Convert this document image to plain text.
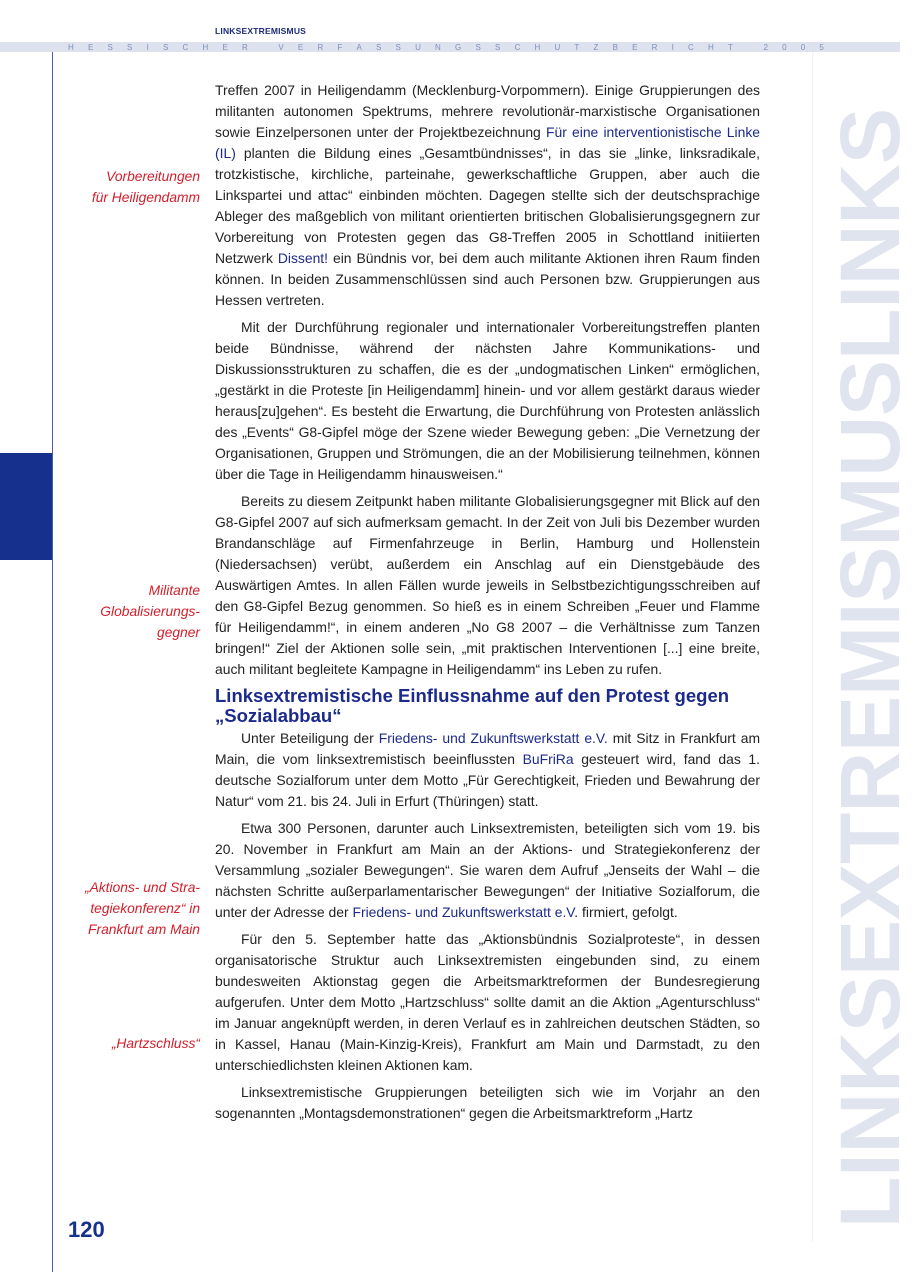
LINKSEXTREMISMUS
H E S S I S C H E R
	V E R F A S S U N G S S C H U T Z B E R I C H T
	2 0 0 5
LINKSEXTREMISMUSLINKS
Vorbereitungen
für Heiligendamm
Militante
Globalisierungs-
gegner
„Aktions- und Stra-
tegiekonferenz“ in
Frankfurt am Main
„Hartzschluss“

Treffen 2007 in Heiligendamm (Mecklenburg-Vorpommern). Einige Gruppierungen des militanten autonomen Spektrums, mehrere revolutionär-marxistische Organisationen sowie Einzelpersonen unter der Projektbezeichnung Für eine interventionistische Linke (IL) planten die Bildung eines „Gesamtbündnisses“, in das sie „linke, linksradikale, trotzkistische, kirchliche, parteinahe, gewerkschaftliche Gruppen, aber auch die Linkspartei und attac“ einbinden möchten. Dagegen stellte sich der deutschsprachige Ableger des maßgeblich von militant orientierten britischen Globalisierungsgegnern zur Vorbereitung von Protesten gegen das G8-Treffen 2005 in Schottland initiierten Netzwerk Dissent! ein Bündnis vor, bei dem auch militante Aktionen ihren Raum finden können. In beiden Zusammenschlüssen sind auch Personen bzw. Gruppierungen aus Hessen vertreten.

Mit der Durchführung regionaler und internationaler Vorbereitungstreffen planten beide Bündnisse, während der nächsten Jahre Kommunikations- und Diskussionsstrukturen zu schaffen, die es der „undogmatischen Linken“ ermöglichen, „gestärkt in die Proteste [in Heiligendamm] hinein- und vor allem gestärkt daraus wieder heraus[zu]gehen“. Es besteht die Erwartung, die Durchführung von Protesten anlässlich des „Events“ G8-Gipfel möge der Szene wieder Bewegung geben: „Die Vernetzung der Organisationen, Gruppen und Strömungen, die an der Mobilisierung teilnehmen, können über die Tage in Heiligendamm hinausweisen.“

Bereits zu diesem Zeitpunkt haben militante Globalisierungsgegner mit Blick auf den G8-Gipfel 2007 auf sich aufmerksam gemacht. In der Zeit von Juli bis Dezember wurden Brandanschläge auf Firmenfahrzeuge in Berlin, Hamburg und Hollenstein (Niedersachsen) verübt, außerdem ein Anschlag auf ein Dienstgebäude des Auswärtigen Amtes. In allen Fällen wurde jeweils in Selbstbezichtigungsschreiben auf den G8-Gipfel Bezug genommen. So hieß es in einem Schreiben „Feuer und Flamme für Heiligendamm!“, in einem anderen „No G8 2007 – die Verhältnisse zum Tanzen bringen!“ Ziel der Aktionen solle sein, „mit praktischen Interventionen [...] eine breite, auch militant begleitete Kampagne in Heiligendamm“ ins Leben zu rufen.

Linksextremistische Einflussnahme auf den Protest gegen „Sozialabbau“

Unter Beteiligung der Friedens- und Zukunftswerkstatt e.V. mit Sitz in Frankfurt am Main, die vom linksextremistisch beeinflussten BuFriRa gesteuert wird, fand das 1. deutsche Sozialforum unter dem Motto „Für Gerechtigkeit, Frieden und Bewahrung der Natur“ vom 21. bis 24. Juli in Erfurt (Thüringen) statt.

Etwa 300 Personen, darunter auch Linksextremisten, beteiligten sich vom 19. bis 20. November in Frankfurt am Main an der Aktions- und Strategiekonferenz der Versammlung „sozialer Bewegungen“. Sie waren dem Aufruf „Jenseits der Wahl – die nächsten Schritte außerparlamentarischer Bewegungen“ der Initiative Sozialforum, die unter der Adresse der Friedens- und Zukunftswerkstatt e.V. firmiert, gefolgt.

Für den 5. September hatte das „Aktionsbündnis Sozialproteste“, in dessen organisatorische Struktur auch Linksextremisten eingebunden sind, zu einem bundesweiten Aktionstag gegen die Arbeitsmarktreformen der Bundesregierung aufgerufen. Unter dem Motto „Hartzschluss“ sollte damit an die Aktion „Agenturschluss“ im Januar angeknüpft werden, in deren Verlauf es in zahlreichen deutschen Städten, so in Kassel, Hanau (Main-Kinzig-Kreis), Frankfurt am Main und Darmstadt, zu den unterschiedlichsten kleinen Aktionen kam.

Linksextremistische Gruppierungen beteiligten sich wie im Vorjahr an den sogenannten „Montagsdemonstrationen“ gegen die Arbeitsmarktreform „Hartz

120
